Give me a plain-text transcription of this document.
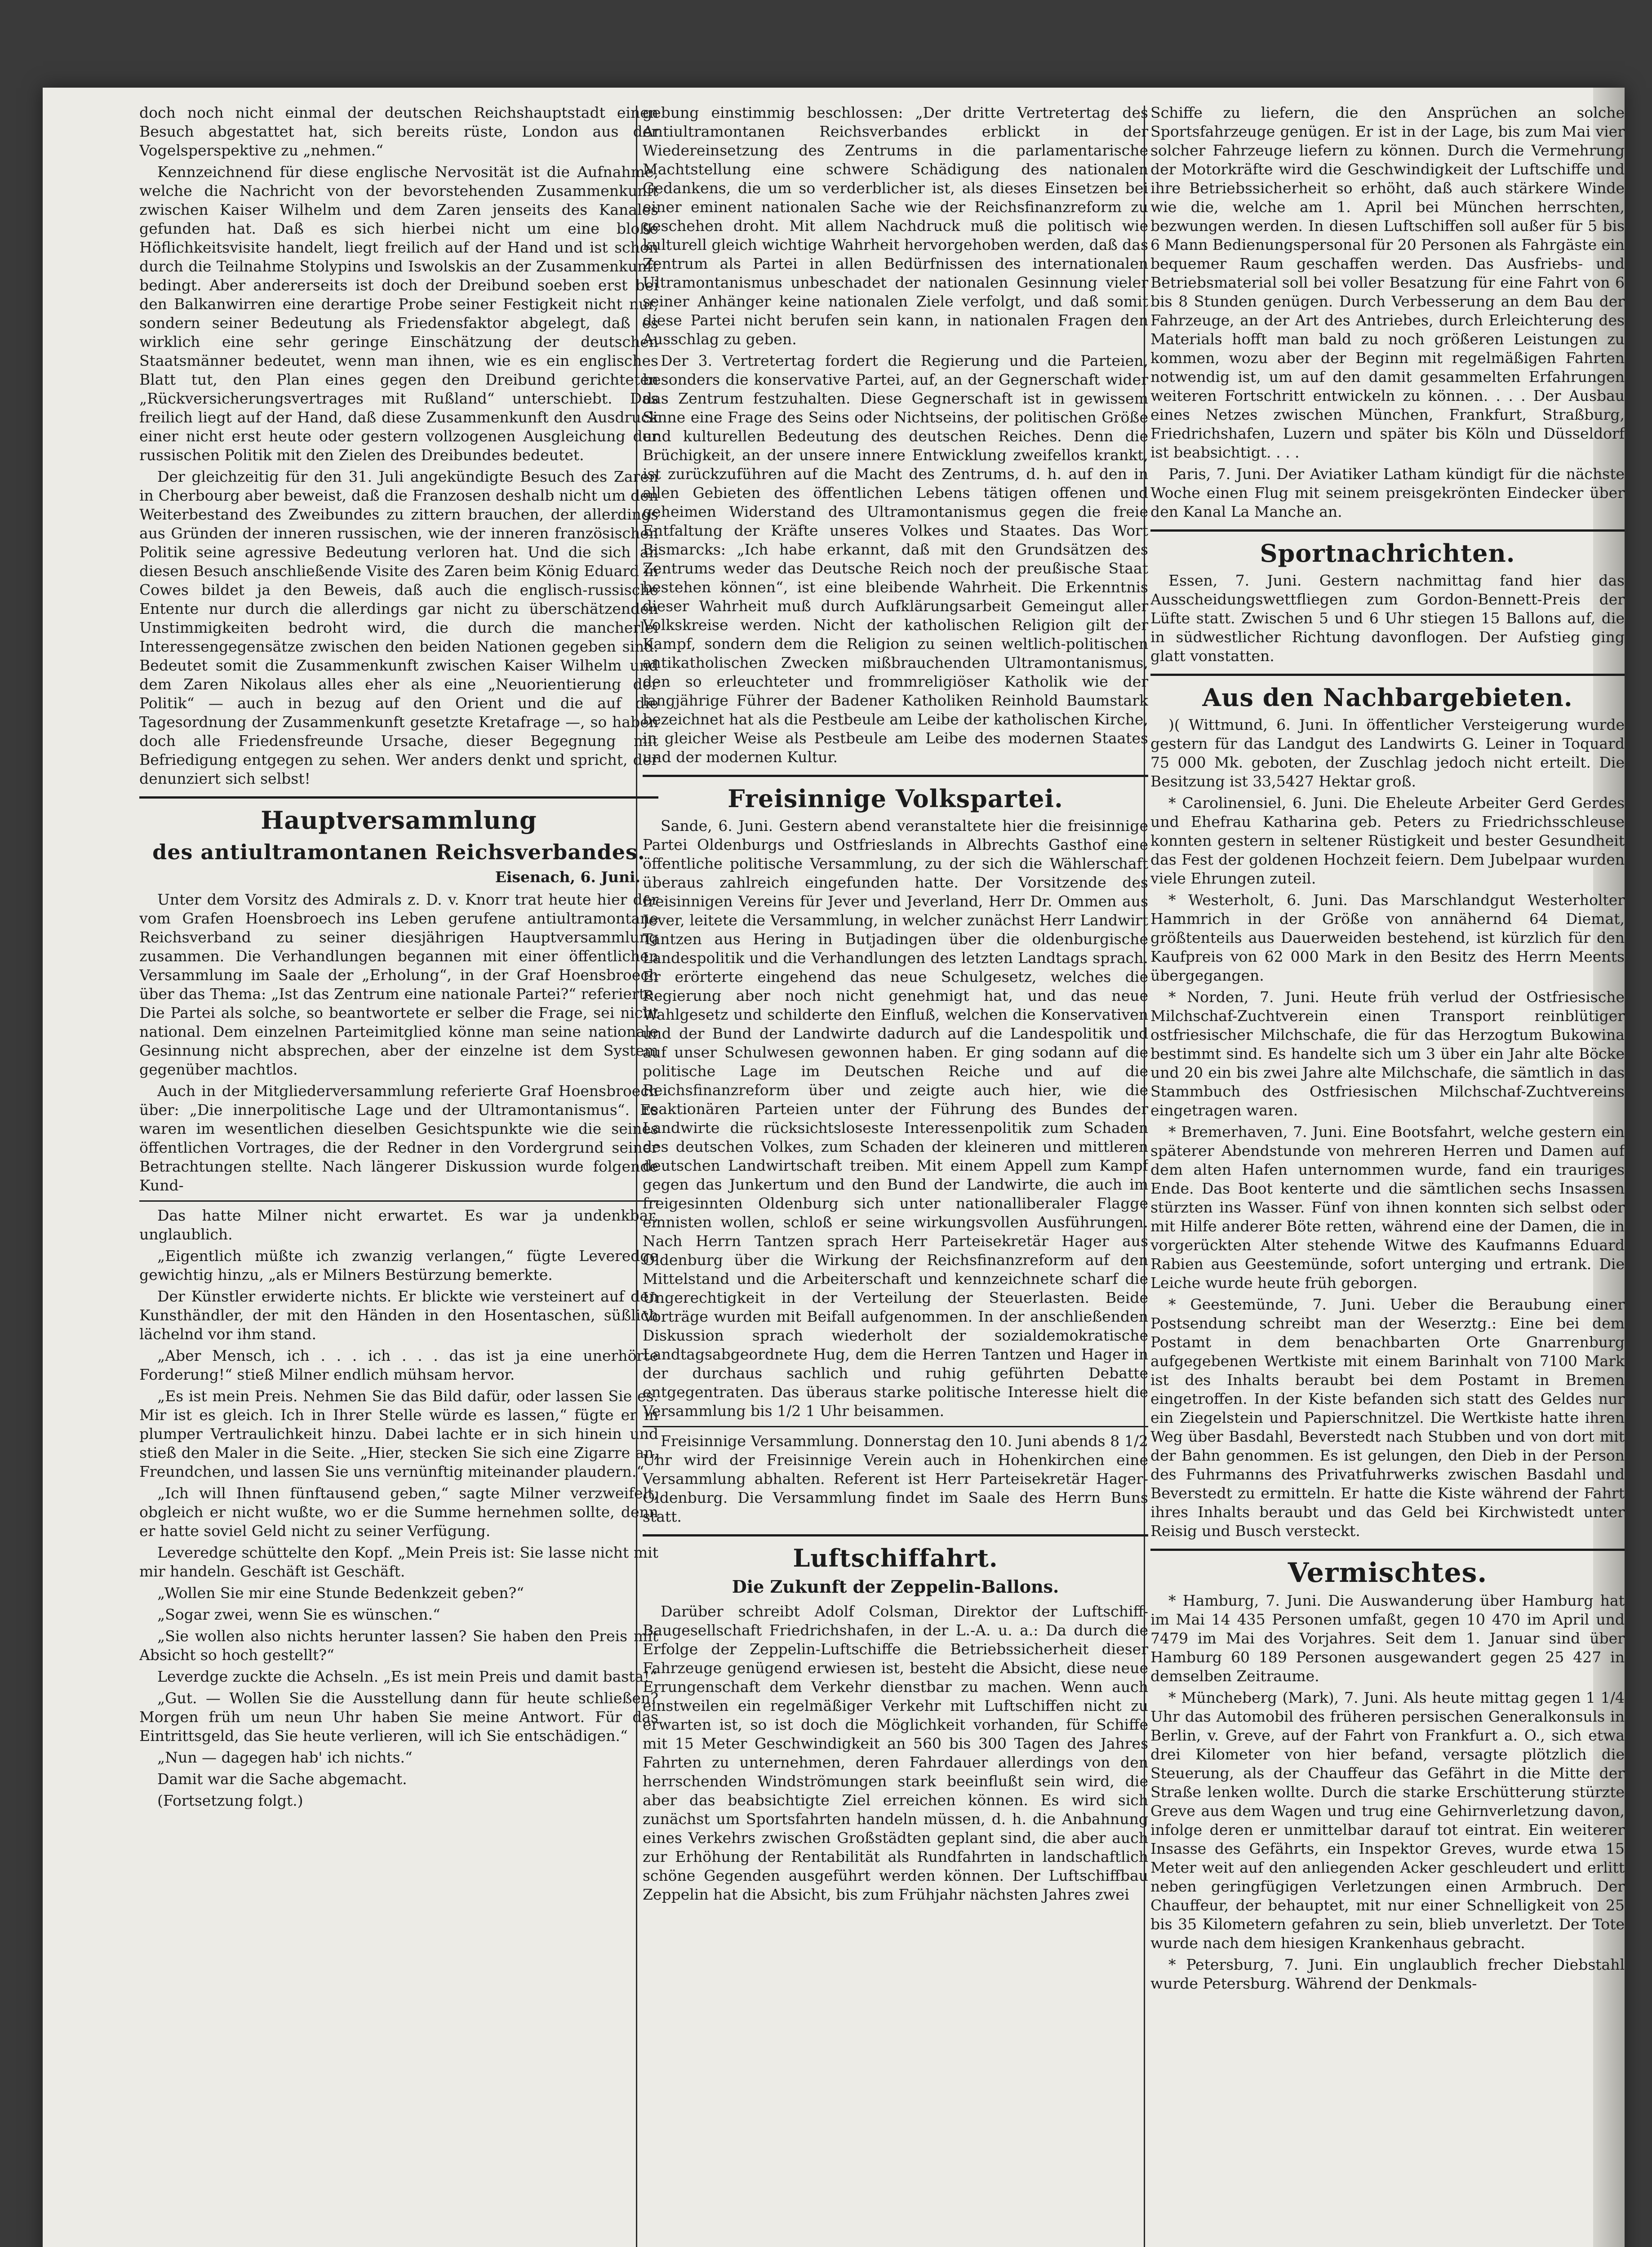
doch noch nicht einmal der deutschen Reichshauptstadt einen Besuch abgestattet hat, sich bereits rüste, London aus der Vogelsperspektive zu „nehmen.“

Kennzeichnend für diese englische Nervosität ist die Aufnahme, welche die Nachricht von der bevorstehenden Zusammenkunft zwischen Kaiser Wilhelm und dem Zaren jenseits des Kanales gefunden hat. Daß es sich hierbei nicht um eine bloße Höflichkeitsvisite handelt, liegt freilich auf der Hand und ist schon durch die Teilnahme Stolypins und Iswolskis an der Zusammenkunft bedingt. Aber andererseits ist doch der Dreibund soeben erst bei den Balkanwirren eine derartige Probe seiner Festigkeit nicht nur, sondern seiner Bedeutung als Friedensfaktor abgelegt, daß es wirklich eine sehr geringe Einschätzung der deutschen Staatsmänner bedeutet, wenn man ihnen, wie es ein englisches Blatt tut, den Plan eines gegen den Dreibund gerichteten „Rückversicherungsvertrages mit Rußland“ unterschiebt. Das freilich liegt auf der Hand, daß diese Zusammenkunft den Ausdruck einer nicht erst heute oder gestern vollzogenen Ausgleichung der russischen Politik mit den Zielen des Dreibundes bedeutet.

Der gleichzeitig für den 31. Juli angekündigte Besuch des Zaren in Cherbourg aber beweist, daß die Franzosen deshalb nicht um den Weiterbestand des Zweibundes zu zittern brauchen, der allerdings aus Gründen der inneren russischen, wie der inneren französischen Politik seine agressive Bedeutung verloren hat. Und die sich an diesen Besuch anschließende Visite des Zaren beim König Eduard in Cowes bildet ja den Beweis, daß auch die englisch-russische Entente nur durch die allerdings gar nicht zu überschätzenden Unstimmigkeiten bedroht wird, die durch die mancherlei Interessengegensätze zwischen den beiden Nationen gegeben sind. Bedeutet somit die Zusammenkunft zwischen Kaiser Wilhelm und dem Zaren Nikolaus alles eher als eine „Neuorientierung der Politik“ — auch in bezug auf den Orient und die auf die Tagesordnung der Zusammenkunft gesetzte Kretafrage —, so haben doch alle Friedensfreunde Ursache, dieser Begegnung mit Befriedigung entgegen zu sehen. Wer anders denkt und spricht, der denunziert sich selbst!

Hauptversammlung
des antiultramontanen Reichsverbandes.
Eisenach, 6. Juni.

Unter dem Vorsitz des Admirals z. D. v. Knorr trat heute hier der vom Grafen Hoensbroech ins Leben gerufene antiultramontane Reichsverband zu seiner diesjährigen Hauptversammlung zusammen. Die Verhandlungen begannen mit einer öffentlichen Versammlung im Saale der „Erholung“, in der Graf Hoensbroech über das Thema: „Ist das Zentrum eine nationale Partei?“ referierte. Die Partei als solche, so beantwortete er selber die Frage, sei nicht national. Dem einzelnen Parteimitglied könne man seine nationale Gesinnung nicht absprechen, aber der einzelne ist dem System gegenüber machtlos.

Auch in der Mitgliederversammlung referierte Graf Hoensbroech über: „Die innerpolitische Lage und der Ultramontanismus“. Es waren im wesentlichen dieselben Gesichtspunkte wie die seines öffentlichen Vortrages, die der Redner in den Vordergrund seiner Betrachtungen stellte. Nach längerer Diskussion wurde folgende Kund-

Das hatte Milner nicht erwartet. Es war ja undenkbar, unglaublich.

„Eigentlich müßte ich zwanzig verlangen,“ fügte Leveredge gewichtig hinzu, „als er Milners Bestürzung bemerkte.

Der Künstler erwiderte nichts. Er blickte wie versteinert auf den Kunsthändler, der mit den Händen in den Hosentaschen, süßlich lächelnd vor ihm stand.

„Aber Mensch, ich . . . ich . . . das ist ja eine unerhörte Forderung!“ stieß Milner endlich mühsam hervor.

„Es ist mein Preis. Nehmen Sie das Bild dafür, oder lassen Sie es. Mir ist es gleich. Ich in Ihrer Stelle würde es lassen,“ fügte er in plumper Vertraulichkeit hinzu. Dabei lachte er in sich hinein und stieß den Maler in die Seite. „Hier, stecken Sie sich eine Zigarre an, Freundchen, und lassen Sie uns vernünftig miteinander plaudern.“

„Ich will Ihnen fünftausend geben,“ sagte Milner verzweifelt, obgleich er nicht wußte, wo er die Summe hernehmen sollte, denn er hatte soviel Geld nicht zu seiner Verfügung.

Leveredge schüttelte den Kopf. „Mein Preis ist: Sie lasse nicht mit mir handeln. Geschäft ist Geschäft.

„Wollen Sie mir eine Stunde Bedenkzeit geben?“

„Sogar zwei, wenn Sie es wünschen.“

„Sie wollen also nichts herunter lassen? Sie haben den Preis mit Absicht so hoch gestellt?“

Leverdge zuckte die Achseln. „Es ist mein Preis und damit basta!“

„Gut. — Wollen Sie die Ausstellung dann für heute schließen? Morgen früh um neun Uhr haben Sie meine Antwort. Für das Eintrittsgeld, das Sie heute verlieren, will ich Sie entschädigen.“

„Nun — dagegen hab' ich nichts.“

Damit war die Sache abgemacht.

(Fortsetzung folgt.)

gebung einstimmig beschlossen: „Der dritte Vertretertag des Antiultramontanen Reichsverbandes erblickt in der Wiedereinsetzung des Zentrums in die parlamentarische Machtstellung eine schwere Schädigung des nationalen Gedankens, die um so verderblicher ist, als dieses Einsetzen bei einer eminent nationalen Sache wie der Reichsfinanzreform zu geschehen droht. Mit allem Nachdruck muß die politisch wie kulturell gleich wichtige Wahrheit hervorgehoben werden, daß das Zentrum als Partei in allen Bedürfnissen des internationalen Ultramontanismus unbeschadet der nationalen Gesinnung vieler seiner Anhänger keine nationalen Ziele verfolgt, und daß somit diese Partei nicht berufen sein kann, in nationalen Fragen den Ausschlag zu geben.

Der 3. Vertretertag fordert die Regierung und die Parteien, besonders die konservative Partei, auf, an der Gegnerschaft wider das Zentrum festzuhalten. Diese Gegnerschaft ist in gewissem Sinne eine Frage des Seins oder Nichtseins, der politischen Größe und kulturellen Bedeutung des deutschen Reiches. Denn die Brüchigkeit, an der unsere innere Entwicklung zweifellos krankt, ist zurückzuführen auf die Macht des Zentrums, d. h. auf den in allen Gebieten des öffentlichen Lebens tätigen offenen und geheimen Widerstand des Ultramontanismus gegen die freie Entfaltung der Kräfte unseres Volkes und Staates. Das Wort Bismarcks: „Ich habe erkannt, daß mit den Grundsätzen des Zentrums weder das Deutsche Reich noch der preußische Staat bestehen können“, ist eine bleibende Wahrheit. Die Erkenntnis dieser Wahrheit muß durch Aufklärungsarbeit Gemeingut aller Volkskreise werden. Nicht der katholischen Religion gilt der Kampf, sondern dem die Religion zu seinen weltlich-politischen antikatholischen Zwecken mißbrauchenden Ultramontanismus, den so erleuchteter und frommreligiöser Katholik wie der langjährige Führer der Badener Katholiken Reinhold Baumstark bezeichnet hat als die Pestbeule am Leibe der katholischen Kirche, in gleicher Weise als Pestbeule am Leibe des modernen Staates und der modernen Kultur.

Freisinnige Volkspartei.

Sande, 6. Juni. Gestern abend veranstaltete hier die freisinnige Partei Oldenburgs und Ostfrieslands in Albrechts Gasthof eine öffentliche politische Versammlung, zu der sich die Wählerschaft überaus zahlreich eingefunden hatte. Der Vorsitzende des freisinnigen Vereins für Jever und Jeverland, Herr Dr. Ommen aus Jever, leitete die Versammlung, in welcher zunächst Herr Landwirt Tantzen aus Hering in Butjadingen über die oldenburgische Landespolitik und die Verhandlungen des letzten Landtags sprach. Er erörterte eingehend das neue Schulgesetz, welches die Regierung aber noch nicht genehmigt hat, und das neue Wahlgesetz und schilderte den Einfluß, welchen die Konservativen und der Bund der Landwirte dadurch auf die Landespolitik und auf unser Schulwesen gewonnen haben. Er ging sodann auf die politische Lage im Deutschen Reiche und auf die Reichsfinanzreform über und zeigte auch hier, wie die reaktionären Parteien unter der Führung des Bundes der Landwirte die rücksichtsloseste Interessenpolitik zum Schaden des deutschen Volkes, zum Schaden der kleineren und mittleren deutschen Landwirtschaft treiben. Mit einem Appell zum Kampf gegen das Junkertum und den Bund der Landwirte, die auch im freigesinnten Oldenburg sich unter nationalliberaler Flagge einnisten wollen, schloß er seine wirkungsvollen Ausführungen. Nach Herrn Tantzen sprach Herr Parteisekretär Hager aus Oldenburg über die Wirkung der Reichsfinanzreform auf den Mittelstand und die Arbeiterschaft und kennzeichnete scharf die Ungerechtigkeit in der Verteilung der Steuerlasten. Beide Vorträge wurden mit Beifall aufgenommen. In der anschließenden Diskussion sprach wiederholt der sozialdemokratische Landtagsabgeordnete Hug, dem die Herren Tantzen und Hager in der durchaus sachlich und ruhig geführten Debatte entgegentraten. Das überaus starke politische Interesse hielt die Versammlung bis 1/2 1 Uhr beisammen.

Freisinnige Versammlung. Donnerstag den 10. Juni abends 8 1/2 Uhr wird der Freisinnige Verein auch in Hohenkirchen eine Versammlung abhalten. Referent ist Herr Parteisekretär Hager-Oldenburg. Die Versammlung findet im Saale des Herrn Buns statt.

Luftschiffahrt.
Die Zukunft der Zeppelin-Ballons.

Darüber schreibt Adolf Colsman, Direktor der Luftschiff-Baugesellschaft Friedrichshafen, in der L.-A. u. a.: Da durch die Erfolge der Zeppelin-Luftschiffe die Betriebssicherheit dieser Fahrzeuge genügend erwiesen ist, besteht die Absicht, diese neue Errungenschaft dem Verkehr dienstbar zu machen. Wenn auch einstweilen ein regelmäßiger Verkehr mit Luftschiffen nicht zu erwarten ist, so ist doch die Möglichkeit vorhanden, für Schiffe mit 15 Meter Geschwindigkeit an 560 bis 300 Tagen des Jahres Fahrten zu unternehmen, deren Fahrdauer allerdings von den herrschenden Windströmungen stark beeinflußt sein wird, die aber das beabsichtigte Ziel erreichen können. Es wird sich zunächst um Sportsfahrten handeln müssen, d. h. die Anbahnung eines Verkehrs zwischen Großstädten geplant sind, die aber auch zur Erhöhung der Rentabilität als Rundfahrten in landschaftlich schöne Gegenden ausgeführt werden können. Der Luftschiffbau Zeppelin hat die Absicht, bis zum Frühjahr nächsten Jahres zwei

Schiffe zu liefern, die den Ansprüchen an solche Sportsfahrzeuge genügen. Er ist in der Lage, bis zum Mai vier solcher Fahrzeuge liefern zu können. Durch die Vermehrung der Motorkräfte wird die Geschwindigkeit der Luftschiffe und ihre Betriebssicherheit so erhöht, daß auch stärkere Winde wie die, welche am 1. April bei München herrschten, bezwungen werden. In diesen Luftschiffen soll außer für 5 bis 6 Mann Bedienungspersonal für 20 Personen als Fahrgäste ein bequemer Raum geschaffen werden. Das Ausfriebs- und Betriebsmaterial soll bei voller Besatzung für eine Fahrt von 6 bis 8 Stunden genügen. Durch Verbesserung an dem Bau der Fahrzeuge, an der Art des Antriebes, durch Erleichterung des Materials hofft man bald zu noch größeren Leistungen zu kommen, wozu aber der Beginn mit regelmäßigen Fahrten notwendig ist, um auf den damit gesammelten Erfahrungen weiteren Fortschritt entwickeln zu können. . . . Der Ausbau eines Netzes zwischen München, Frankfurt, Straßburg, Friedrichshafen, Luzern und später bis Köln und Düsseldorf ist beabsichtigt. . . .

Paris, 7. Juni. Der Aviatiker Latham kündigt für die nächste Woche einen Flug mit seinem preisgekrönten Eindecker über den Kanal La Manche an.

Sportnachrichten.

Essen, 7. Juni. Gestern nachmittag fand hier das Ausscheidungswettfliegen zum Gordon-Bennett-Preis der Lüfte statt. Zwischen 5 und 6 Uhr stiegen 15 Ballons auf, die in südwestlicher Richtung davonflogen. Der Aufstieg ging glatt vonstatten.

Aus den Nachbargebieten.

)( Wittmund, 6. Juni. In öffentlicher Versteigerung wurde gestern für das Landgut des Landwirts G. Leiner in Toquard 75 000 Mk. geboten, der Zuschlag jedoch nicht erteilt. Die Besitzung ist 33,5427 Hektar groß.

* Carolinensiel, 6. Juni. Die Eheleute Arbeiter Gerd Gerdes und Ehefrau Katharina geb. Peters zu Friedrichsschleuse konnten gestern in seltener Rüstigkeit und bester Gesundheit das Fest der goldenen Hochzeit feiern. Dem Jubelpaar wurden viele Ehrungen zuteil.

* Westerholt, 6. Juni. Das Marschlandgut Westerholter Hammrich in der Größe von annähernd 64 Diemat, größtenteils aus Dauerweiden bestehend, ist kürzlich für den Kaufpreis von 62 000 Mark in den Besitz des Herrn Meents übergegangen.

* Norden, 7. Juni. Heute früh verlud der Ostfriesische Milchschaf-Zuchtverein einen Transport reinblütiger ostfriesischer Milchschafe, die für das Herzogtum Bukowina bestimmt sind. Es handelte sich um 3 über ein Jahr alte Böcke und 20 ein bis zwei Jahre alte Milchschafe, die sämtlich in das Stammbuch des Ostfriesischen Milchschaf-Zuchtvereins eingetragen waren.

* Bremerhaven, 7. Juni. Eine Bootsfahrt, welche gestern ein späterer Abendstunde von mehreren Herren und Damen auf dem alten Hafen unternommen wurde, fand ein trauriges Ende. Das Boot kenterte und die sämtlichen sechs Insassen stürzten ins Wasser. Fünf von ihnen konnten sich selbst oder mit Hilfe anderer Böte retten, während eine der Damen, die in vorgerückten Alter stehende Witwe des Kaufmanns Eduard Rabien aus Geestemünde, sofort unterging und ertrank. Die Leiche wurde heute früh geborgen.

* Geestemünde, 7. Juni. Ueber die Beraubung einer Postsendung schreibt man der Weserztg.: Eine bei dem Postamt in dem benachbarten Orte Gnarrenburg aufgegebenen Wertkiste mit einem Barinhalt von 7100 Mark ist des Inhalts beraubt bei dem Postamt in Bremen eingetroffen. In der Kiste befanden sich statt des Geldes nur ein Ziegelstein und Papierschnitzel. Die Wertkiste hatte ihren Weg über Basdahl, Beverstedt nach Stubben und von dort mit der Bahn genommen. Es ist gelungen, den Dieb in der Person des Fuhrmanns des Privatfuhrwerks zwischen Basdahl und Beverstedt zu ermitteln. Er hatte die Kiste während der Fahrt ihres Inhalts beraubt und das Geld bei Kirchwistedt unter Reisig und Busch versteckt.

Vermischtes.

* Hamburg, 7. Juni. Die Auswanderung über Hamburg hat im Mai 14 435 Personen umfaßt, gegen 10 470 im April und 7479 im Mai des Vorjahres. Seit dem 1. Januar sind über Hamburg 60 189 Personen ausgewandert gegen 25 427 in demselben Zeitraume.

* Müncheberg (Mark), 7. Juni. Als heute mittag gegen 1 1/4 Uhr das Automobil des früheren persischen Generalkonsuls in Berlin, v. Greve, auf der Fahrt von Frankfurt a. O., sich etwa drei Kilometer von hier befand, versagte plötzlich die Steuerung, als der Chauffeur das Gefährt in die Mitte der Straße lenken wollte. Durch die starke Erschütterung stürzte Greve aus dem Wagen und trug eine Gehirnverletzung davon, infolge deren er unmittelbar darauf tot eintrat. Ein weiterer Insasse des Gefährts, ein Inspektor Greves, wurde etwa 15 Meter weit auf den anliegenden Acker geschleudert und erlitt neben geringfügigen Verletzungen einen Armbruch. Der Chauffeur, der behauptet, mit nur einer Schnelligkeit von 25 bis 35 Kilometern gefahren zu sein, blieb unverletzt. Der Tote wurde nach dem hiesigen Krankenhaus gebracht.

* Petersburg, 7. Juni. Ein unglaublich frecher Diebstahl wurde Petersburg. Während der Denkmals-
